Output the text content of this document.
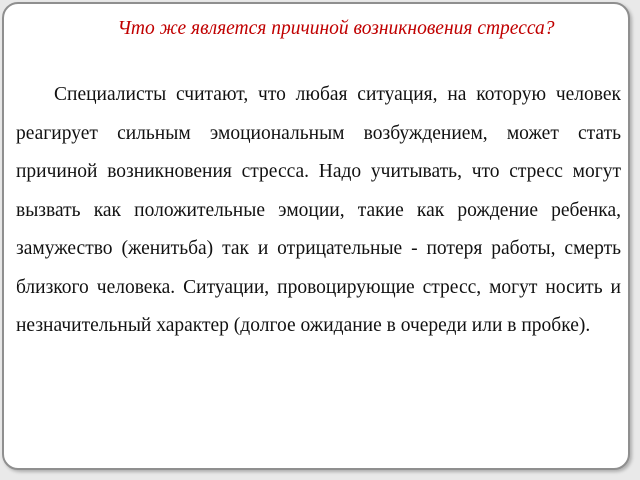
Что же является причиной возникновения стресса?

Специалисты считают, что любая ситуация, на которую человек реагирует сильным эмоциональным возбуждением, может стать причиной возникновения стресса. Надо учитывать, что стресс могут вызвать как положительные эмоции, такие как рождение ребенка, замужество (женитьба) так и отрицательные - потеря работы, смерть близкого человека. Ситуации, провоцирующие стресс, могут носить и незначительный характер (долгое ожидание в очереди или в пробке).
